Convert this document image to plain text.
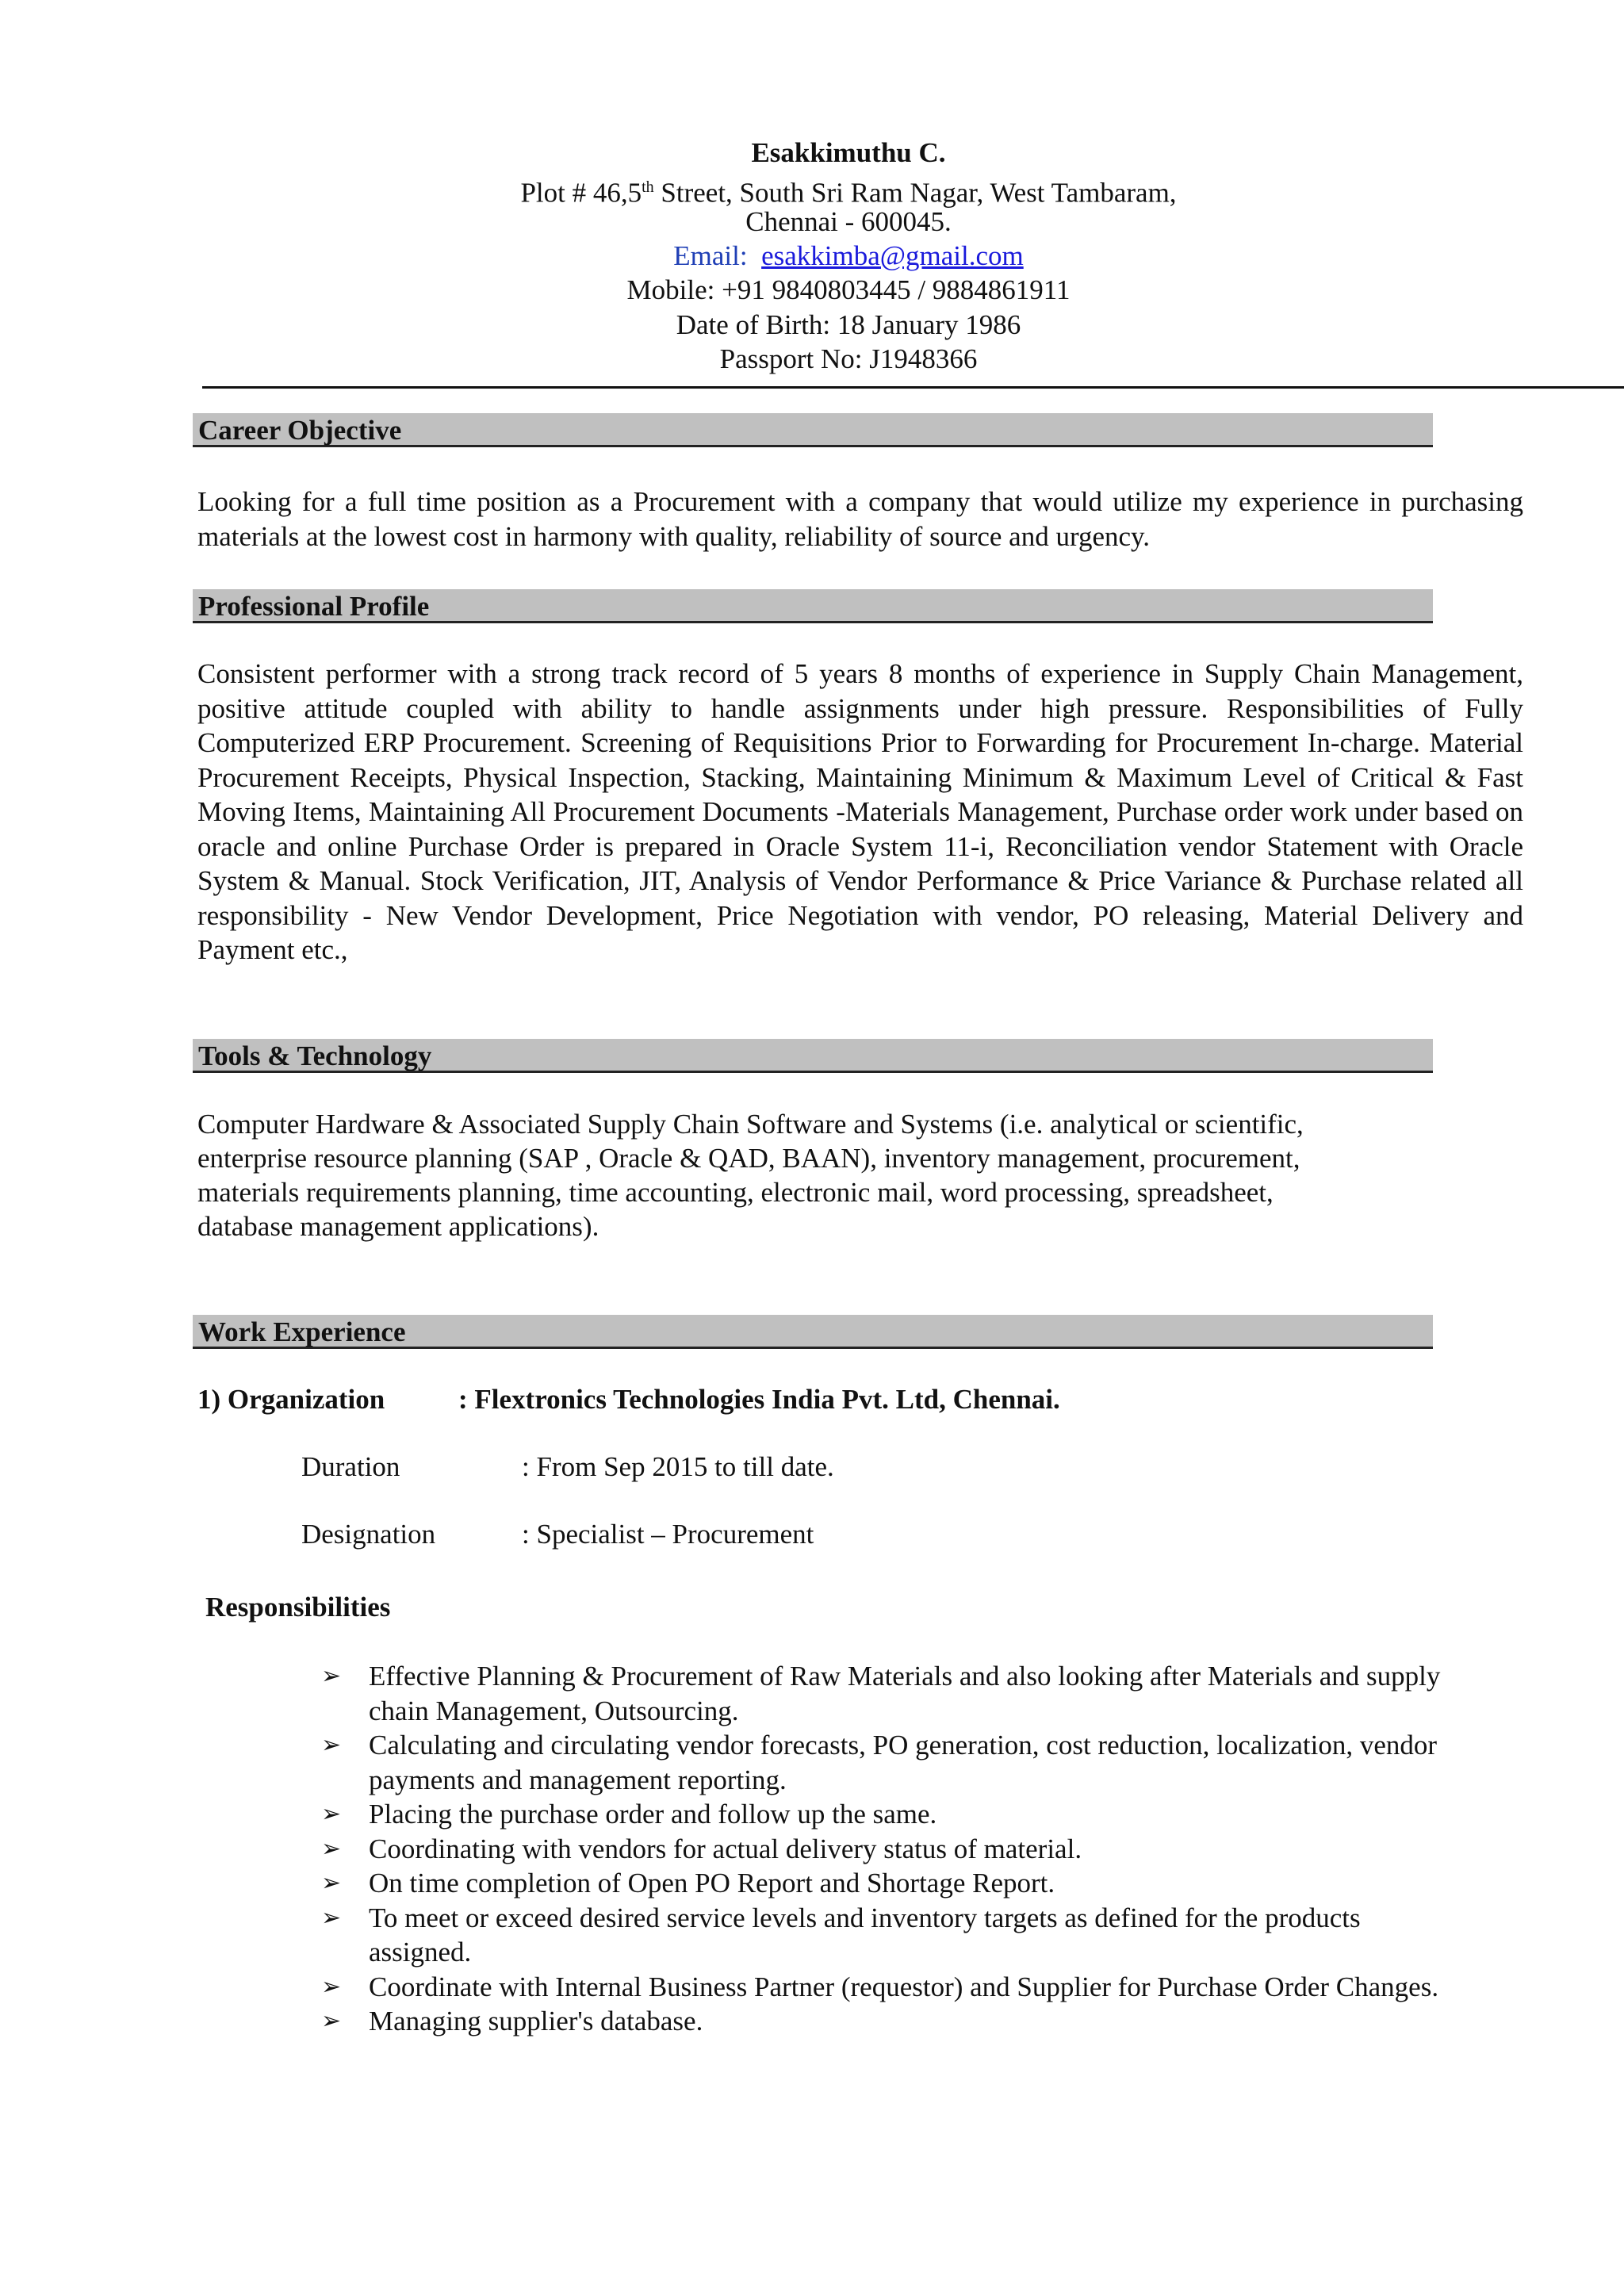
Esakkimuthu C.
Plot # 46,5th Street, South Sri Ram Nagar, West Tambaram,
Chennai - 600045.
Email: esakkimba@gmail.com
Mobile: +91 9840803445 / 9884861911
Date of Birth: 18 January 1986
Passport No: J1948366
Career Objective
Looking for a full time position as a Procurement with a company that would utilize my experience in purchasing materials at the lowest cost in harmony with quality, reliability of source and urgency.
Professional Profile
Consistent performer with a strong track record of 5 years 8 months of experience in Supply Chain Management, positive attitude coupled with ability to handle assignments under high pressure. Responsibilities of Fully Computerized ERP Procurement. Screening of Requisitions Prior to Forwarding for Procurement In-charge. Material Procurement Receipts, Physical Inspection, Stacking, Maintaining Minimum & Maximum Level of Critical & Fast Moving Items, Maintaining All Procurement Documents -Materials Management, Purchase order work under based on oracle and online Purchase Order is prepared in Oracle System 11-i, Reconciliation vendor Statement with Oracle System & Manual. Stock Verification, JIT, Analysis of Vendor Performance & Price Variance & Purchase related all responsibility - New Vendor Development, Price Negotiation with vendor, PO releasing, Material Delivery and Payment etc.,
Tools & Technology
Computer Hardware & Associated Supply Chain Software and Systems (i.e. analytical or scientific,
enterprise resource planning (SAP , Oracle & QAD, BAAN), inventory management, procurement,
materials requirements planning, time accounting, electronic mail, word processing, spreadsheet,
database management applications).
Work Experience
1) Organization	: Flextronics Technologies India Pvt. Ltd, Chennai.
Duration	: From Sep 2015 to till date.
Designation	: Specialist – Procurement
Responsibilities
➢ Effective Planning & Procurement of Raw Materials and also looking after Materials and supply chain Management, Outsourcing.
➢ Calculating and circulating vendor forecasts, PO generation, cost reduction, localization, vendor payments and management reporting.
➢ Placing the purchase order and follow up the same.
➢ Coordinating with vendors for actual delivery status of material.
➢ On time completion of Open PO Report and Shortage Report.
➢ To meet or exceed desired service levels and inventory targets as defined for the products assigned.
➢ Coordinate with Internal Business Partner (requestor) and Supplier for Purchase Order Changes.
➢ Managing supplier's database.
